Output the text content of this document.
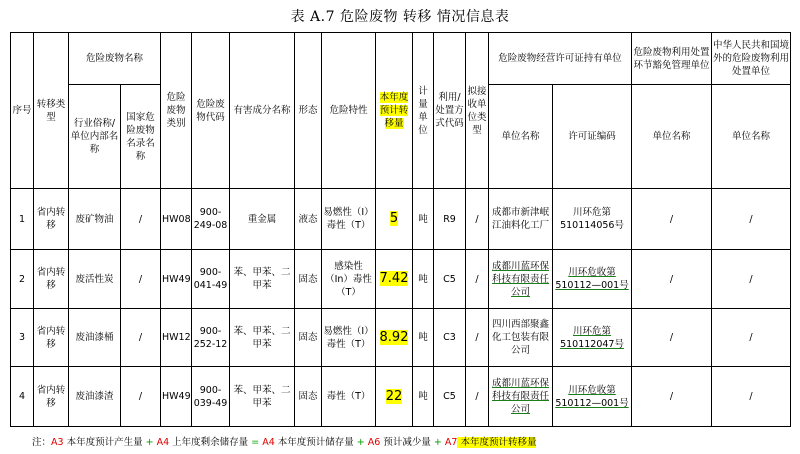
表 A.7 危险废物 转移 情况信息表
序号	转移类型	危险废物名称		危险废物类别	危险废物代码	有害成分名称	形态	危险特性	本年度预计转移量	计量单位	利用/处置方式代码	拟接收单位类型	危险废物经营许可证持有单位		危险废物利用处置环节豁免管理单位	中华人民共和国境外的危险废物利用处置单位
		行业俗称/单位内部名称	国家危险废物名录名称										单位名称	许可证编码	单位名称	单位名称
1	省内转移	废矿物油	/	HW08	900-249-08	重金属	液态	易燃性（I）毒性（T）	5	吨	R9	/	成都市新津岷江油料化工厂	川环危第510114056号	/	/
2	省内转移	废活性炭	/	HW49	900-041-49	苯、甲苯、二甲苯	固态	感染性（In）毒性（T）	7.42	吨	C5	/	成都川蓝环保科技有限责任公司	川环危收第510112—001号	/	/
3	省内转移	废油漆桶	/	HW12	900-252-12	苯、甲苯、二甲苯	固态	易燃性（I）毒性（T）	8.92	吨	C3	/	四川西部聚鑫化工包装有限公司	川环危第510112047号	/	/
4	省内转移	废油漆渣	/	HW49	900-039-49	苯、甲苯、二甲苯	固态	毒性（T）	22	吨	C5	/	成都川蓝环保科技有限责任公司	川环危收第510112—001号	/	/
注：A3 本年度预计产生量 + A4 上年度剩余储存量 = A4 本年度预计储存量 + A6 预计减少量 + A7 本年度预计转移量
